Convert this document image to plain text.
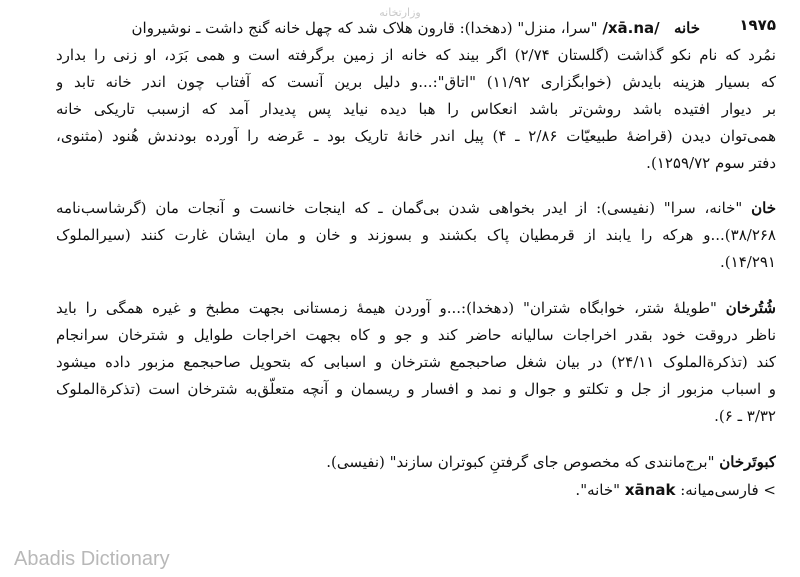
وزارتخانه
۱۹۷۵
خانه   /xā.na/ "سرا، منزل" (دهخدا): قارون هلاک شد که چهل خانه گنج داشت ـ نوشیروان
نمُرد که نام نکو گذاشت (گلستان ۲/۷۴) اگر بیند که خانه از زمین برگرفته است و همی بَرَد، او زنی را بدارد
که بسیار هزینه بایدش (خوابگزاری ۱۱/۹۲) "اتاق":...و دلیل برین آنست که آفتاب چون اندر خانه تابد و
بر دیوار افتیده باشد روشن‌تر باشد انعکاس را هبا دیده نیاید پس پدیدار آمد که ازسبب تاریکی خانه
همی‌توان دیدن (قراضهٔ طبیعیّات ۲/۸۶ ـ ۴) پیل اندر خانهٔ تاریک بود ـ عَرضه را آورده بودندش هُنود (مثنوی،
دفتر سوم ۱۲۵۹/۷۲).
خان "خانه، سرا" (نفیسی): از ایدر بخواهی شدن بی‌گمان ـ که اینجات خانست و آنجات مان (گرشاسب‌نامه
۳۸/۲۶۸)...و هرکه را یابند از قرمطیان پاک بکشند و بسوزند و خان و مان ایشان غارت کنند (سیرالملوک
۱۴/۲۹۱).
شُتُرخان "طویلهٔ شتر، خوابگاه شتران" (دهخدا):...و آوردن هیمهٔ زمستانی بجهت مطبخ و غیره همگی را باید
ناظر دروقت خود بقدر اخراجات سالیانه حاضر کند و جو و کاه بجهت اخراجات طوایل و شترخان سرانجام
کند (تذکرة‌الملوک ۲۴/۱۱) در بیان شغل صاحبجمع شترخان و اسبابی که بتحویل صاحبجمع مزبور داده میشود
و اسباب مزبور از جل و تکلتو و جوال و نمد و افسار و ریسمان و آنچه متعلّق‌به شترخان است (تذکرة‌الملوک
۳/۳۲ ـ ۶).
کبوتَرخان "برج‌مانندی که مخصوص جای گرفتنِ کبوتران سازند" (نفیسی).
> فارسی‌میانه: xānak "خانه".
Abadis Dictionary
